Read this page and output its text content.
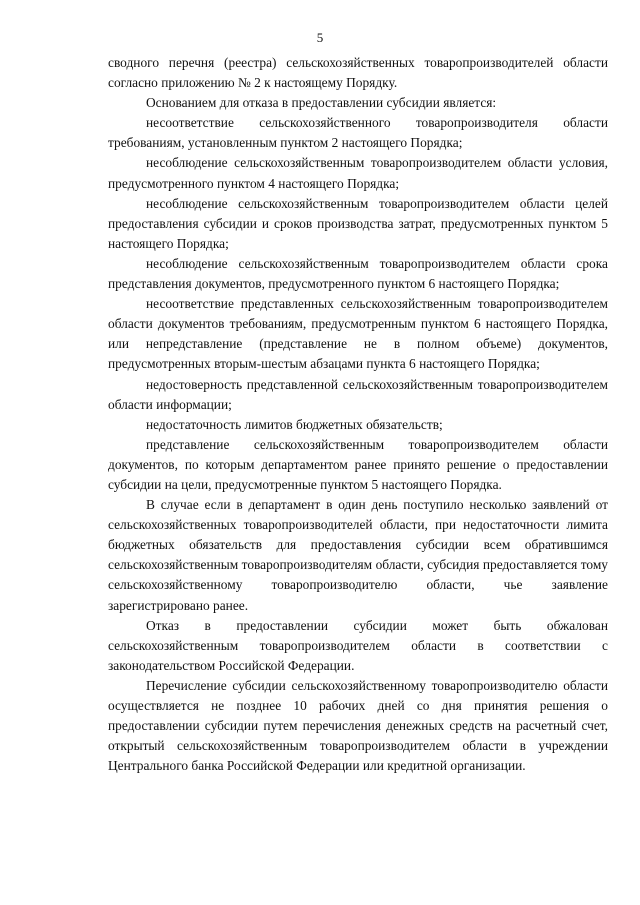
5

сводного перечня (реестра) сельскохозяйственных товаропроизводителей области согласно приложению № 2 к настоящему Порядку.

Основанием для отказа в предоставлении субсидии является:

несоответствие сельскохозяйственного товаропроизводителя области требованиям, установленным пунктом 2 настоящего Порядка;

несоблюдение сельскохозяйственным товаропроизводителем области условия, предусмотренного пунктом 4 настоящего Порядка;

несоблюдение сельскохозяйственным товаропроизводителем области целей предоставления субсидии и сроков производства затрат, предусмотренных пунктом 5 настоящего Порядка;

несоблюдение сельскохозяйственным товаропроизводителем области срока представления документов, предусмотренного пунктом 6 настоящего Порядка;

несоответствие представленных сельскохозяйственным товаропроизводителем области документов требованиям, предусмотренным пунктом 6 настоящего Порядка, или непредставление (представление не в полном объеме) документов, предусмотренных вторым-шестым абзацами пункта 6 настоящего Порядка;

недостоверность представленной сельскохозяйственным товаропроизводителем области информации;

недостаточность лимитов бюджетных обязательств;

представление сельскохозяйственным товаропроизводителем области документов, по которым департаментом ранее принято решение о предоставлении субсидии на цели, предусмотренные пунктом 5 настоящего Порядка.

В случае если в департамент в один день поступило несколько заявлений от сельскохозяйственных товаропроизводителей области, при недостаточности лимита бюджетных обязательств для предоставления субсидии всем обратившимся сельскохозяйственным товаропроизводителям области, субсидия предоставляется тому сельскохозяйственному товаропроизводителю области, чье заявление зарегистрировано ранее.

Отказ в предоставлении субсидии может быть обжалован сельскохозяйственным товаропроизводителем области в соответствии с законодательством Российской Федерации.

Перечисление субсидии сельскохозяйственному товаропроизводителю области осуществляется не позднее 10 рабочих дней со дня принятия решения о предоставлении субсидии путем перечисления денежных средств на расчетный счет, открытый сельскохозяйственным товаропроизводителем области в учреждении Центрального банка Российской Федерации или кредитной организации.
